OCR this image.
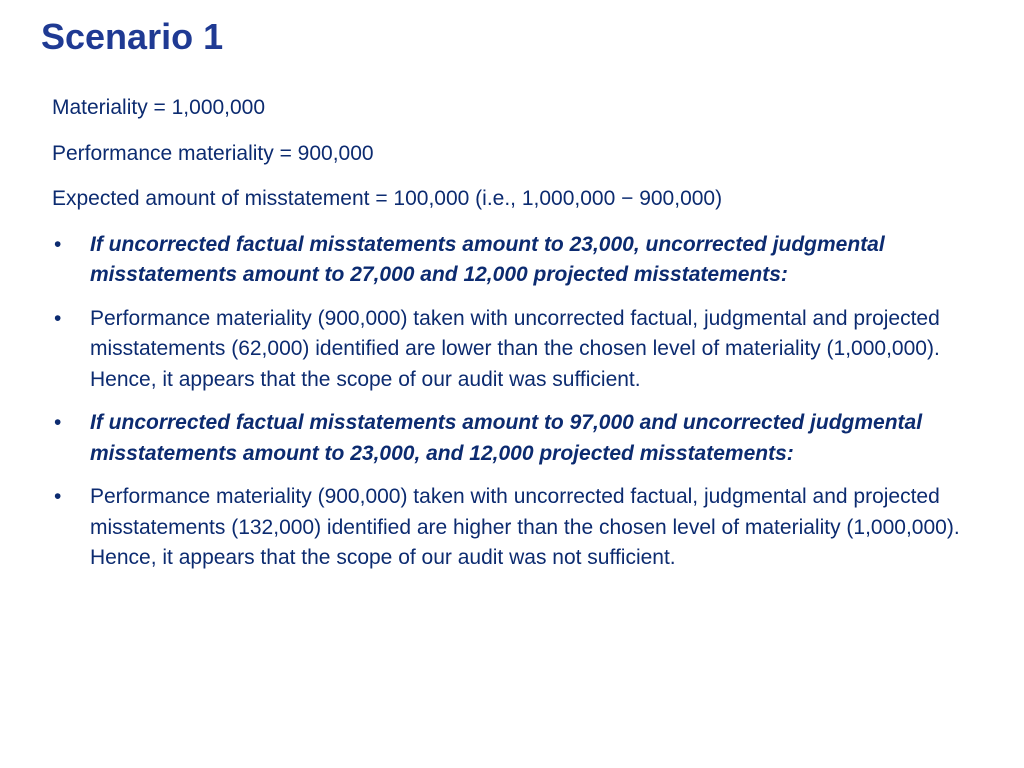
Scenario 1

Materiality = 1,000,000

Performance materiality = 900,000

Expected amount of misstatement = 100,000 (i.e., 1,000,000 − 900,000)

•	If uncorrected factual misstatements amount to 23,000, uncorrected judgmental misstatements amount to 27,000 and 12,000 projected misstatements:
•	Performance materiality (900,000) taken with uncorrected factual, judgmental and projected misstatements (62,000) identified are lower than the chosen level of materiality (1,000,000). Hence, it appears that the scope of our audit was sufficient.
•	If uncorrected factual misstatements amount to 97,000 and uncorrected judgmental misstatements amount to 23,000, and 12,000 projected misstatements:
•	Performance materiality (900,000) taken with uncorrected factual, judgmental and projected misstatements (132,000) identified are higher than the chosen level of materiality (1,000,000). Hence, it appears that the scope of our audit was not sufficient.
